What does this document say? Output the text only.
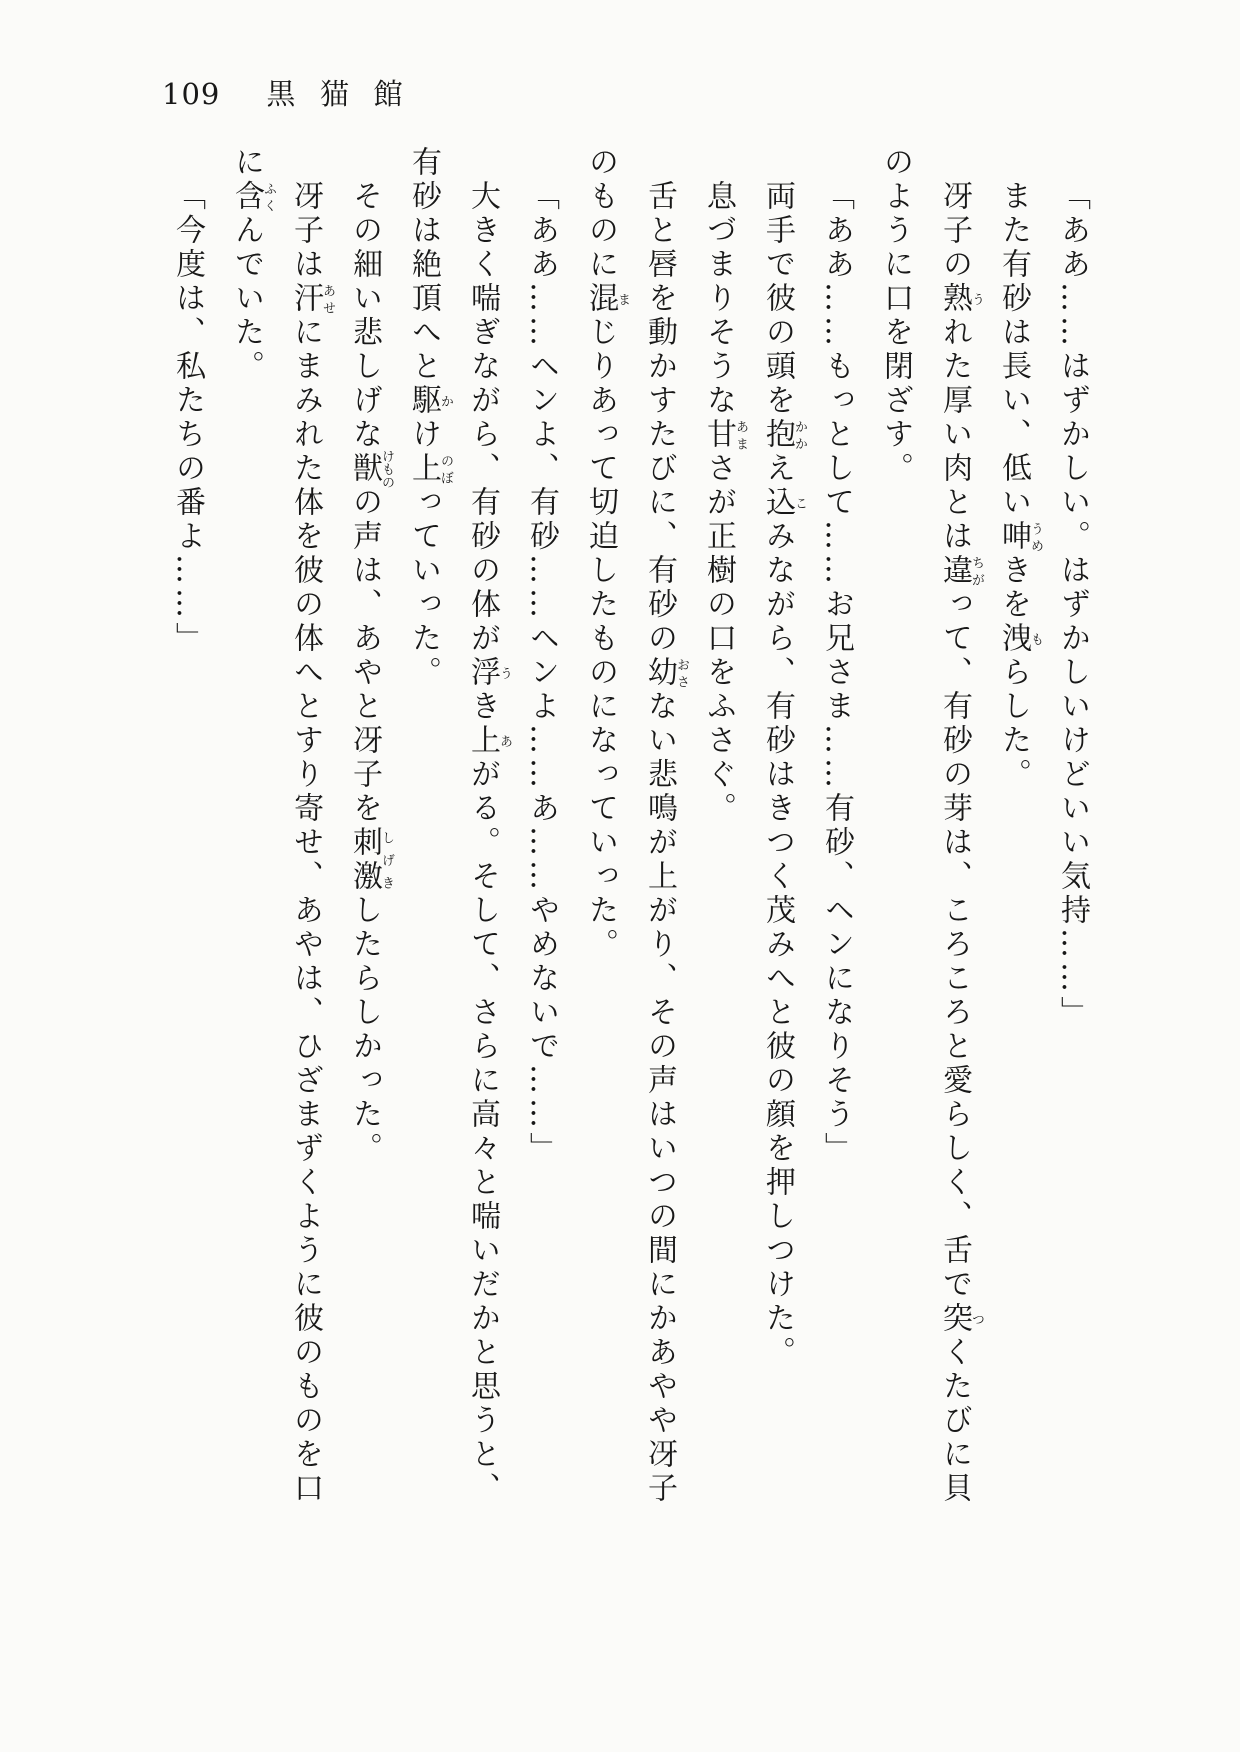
109 黒猫館
「ああ……はずかしい。はずかしいけどいい気持……」
また有砂は長い、低い呻うめきを洩もらした。
冴子の熟うれた厚い肉とは違ちがって、有砂の芽は、ころころと愛らしく、舌で突つくたびに貝
のように口を閉ざす。
「ああ……もっとして……お兄さま……有砂、ヘンになりそう」
両手で彼の頭を抱かかえ込こみながら、有砂はきつく茂みへと彼の顔を押しつけた。
息づまりそうな甘あまさが正樹の口をふさぐ。
舌と唇を動かすたびに、有砂の幼おさない悲鳴が上がり、その声はいつの間にかあやや冴子
のものに混まじりあって切迫したものになっていった。
「ああ……ヘンよ、有砂……ヘンよ……あ……やめないで……」
大きく喘ぎながら、有砂の体が浮うき上あがる。そして、さらに高々と喘いだかと思うと、
有砂は絶頂へと駆かけ上のぼっていった。
その細い悲しげな獣けものの声は、あやと冴子を刺激しげきしたらしかった。
冴子は汗あせにまみれた体を彼の体へとすり寄せ、あやは、ひざまずくように彼のものを口
に含ふくんでいた。
「今度は、私たちの番よ……」
